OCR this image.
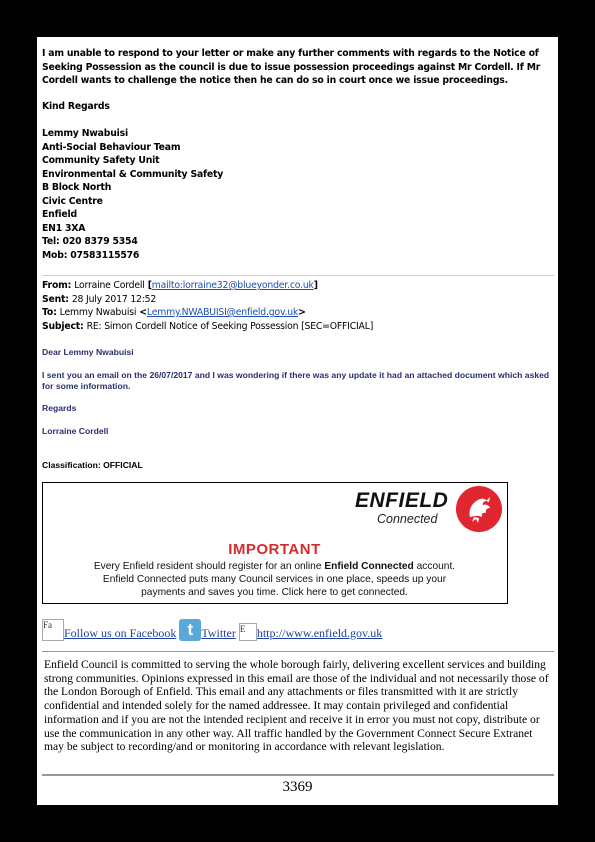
I am unable to respond to your letter or make any further comments with regards to the Notice of Seeking Possession as the council is due to issue possession proceedings against Mr Cordell. If Mr Cordell wants to challenge the notice then he can do so in court once we issue proceedings.
Kind Regards
Lemmy Nwabuisi
Anti-Social Behaviour Team
Community Safety Unit
Environmental & Community Safety
B Block North
Civic Centre
Enfield
EN1 3XA
Tel: 020 8379 5354
Mob: 07583115576
From: Lorraine Cordell [mailto:lorraine32@blueyonder.co.uk]
Sent: 28 July 2017 12:52
To: Lemmy Nwabuisi <Lemmy.NWABUISI@enfield.gov.uk>
Subject: RE: Simon Cordell Notice of Seeking Possession [SEC=OFFICIAL]
Dear Lemmy Nwabuisi
I sent you an email on the 26/07/2017 and I was wondering if there was any update it had an attached document which asked for some information.
Regards
Lorraine Cordell
Classification: OFFICIAL
ENFIELD
Connected
IMPORTANT
Every Enfield resident should register for an online Enfield Connected account.
Enfield Connected puts many Council services in one place, speeds up your
payments and saves you time. Click here to get connected.
FaFollow us on Facebook t Twitter E http://www.enfield.gov.uk
Enfield Council is committed to serving the whole borough fairly, delivering excellent services and building strong communities. Opinions expressed in this email are those of the individual and not necessarily those of the London Borough of Enfield. This email and any attachments or files transmitted with it are strictly confidential and intended solely for the named addressee. It may contain privileged and confidential information and if you are not the intended recipient and receive it in error you must not copy, distribute or use the communication in any other way. All traffic handled by the Government Connect Secure Extranet may be subject to recording/and or monitoring in accordance with relevant legislation.
3369
